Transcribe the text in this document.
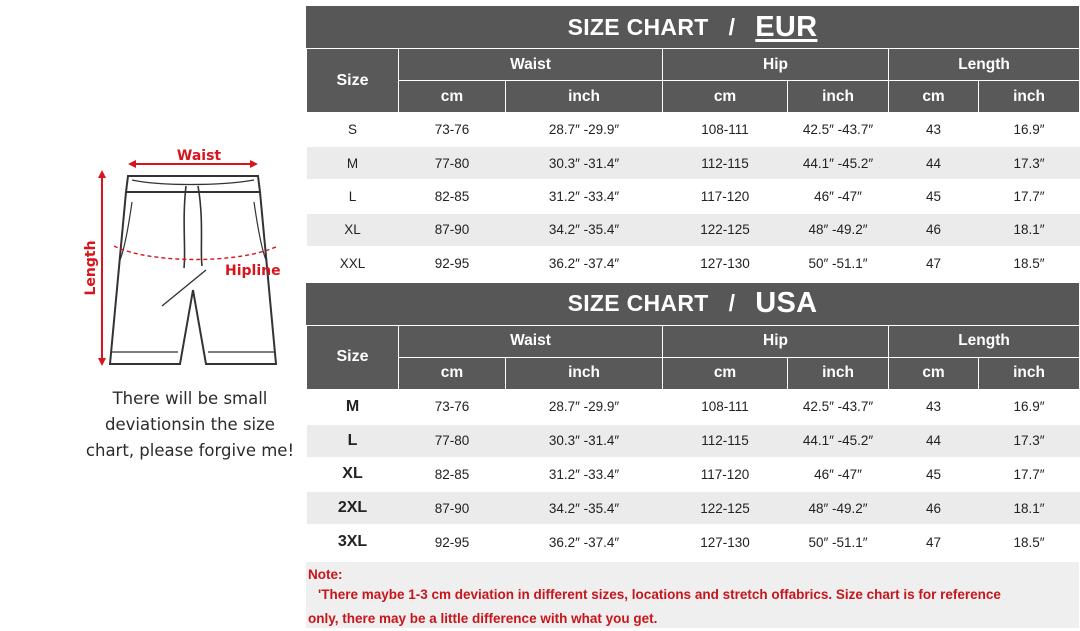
Waist
Length	Hipline
There will be small
deviationsin the size
chart, please forgive me!
SIZE CHART / EUR
Size	Waist		Hip		Length	
	cm	inch	cm	inch	cm	inch
S	73-76	28.7″ -29.9″	108-111	42.5″ -43.7″	43	16.9″
M	77-80	30.3″ -31.4″	112-115	44.1″ -45.2″	44	17.3″
L	82-85	31.2″ -33.4″	117-120	46″ -47″	45	17.7″
XL	87-90	34.2″ -35.4″	122-125	48″ -49.2″	46	18.1″
XXL	92-95	36.2″ -37.4″	127-130	50″ -51.1″	47	18.5″
SIZE CHART / USA
Size	Waist		Hip		Length	
	cm	inch	cm	inch	cm	inch
M	73-76	28.7″ -29.9″	108-111	42.5″ -43.7″	43	16.9″
L	77-80	30.3″ -31.4″	112-115	44.1″ -45.2″	44	17.3″
XL	82-85	31.2″ -33.4″	117-120	46″ -47″	45	17.7″
2XL	87-90	34.2″ -35.4″	122-125	48″ -49.2″	46	18.1″
3XL	92-95	36.2″ -37.4″	127-130	50″ -51.1″	47	18.5″
Note:
'There maybe 1-3 cm deviation in different sizes, locations and stretch offabrics. Size chart is for reference
only, there may be a little difference with what you get.
